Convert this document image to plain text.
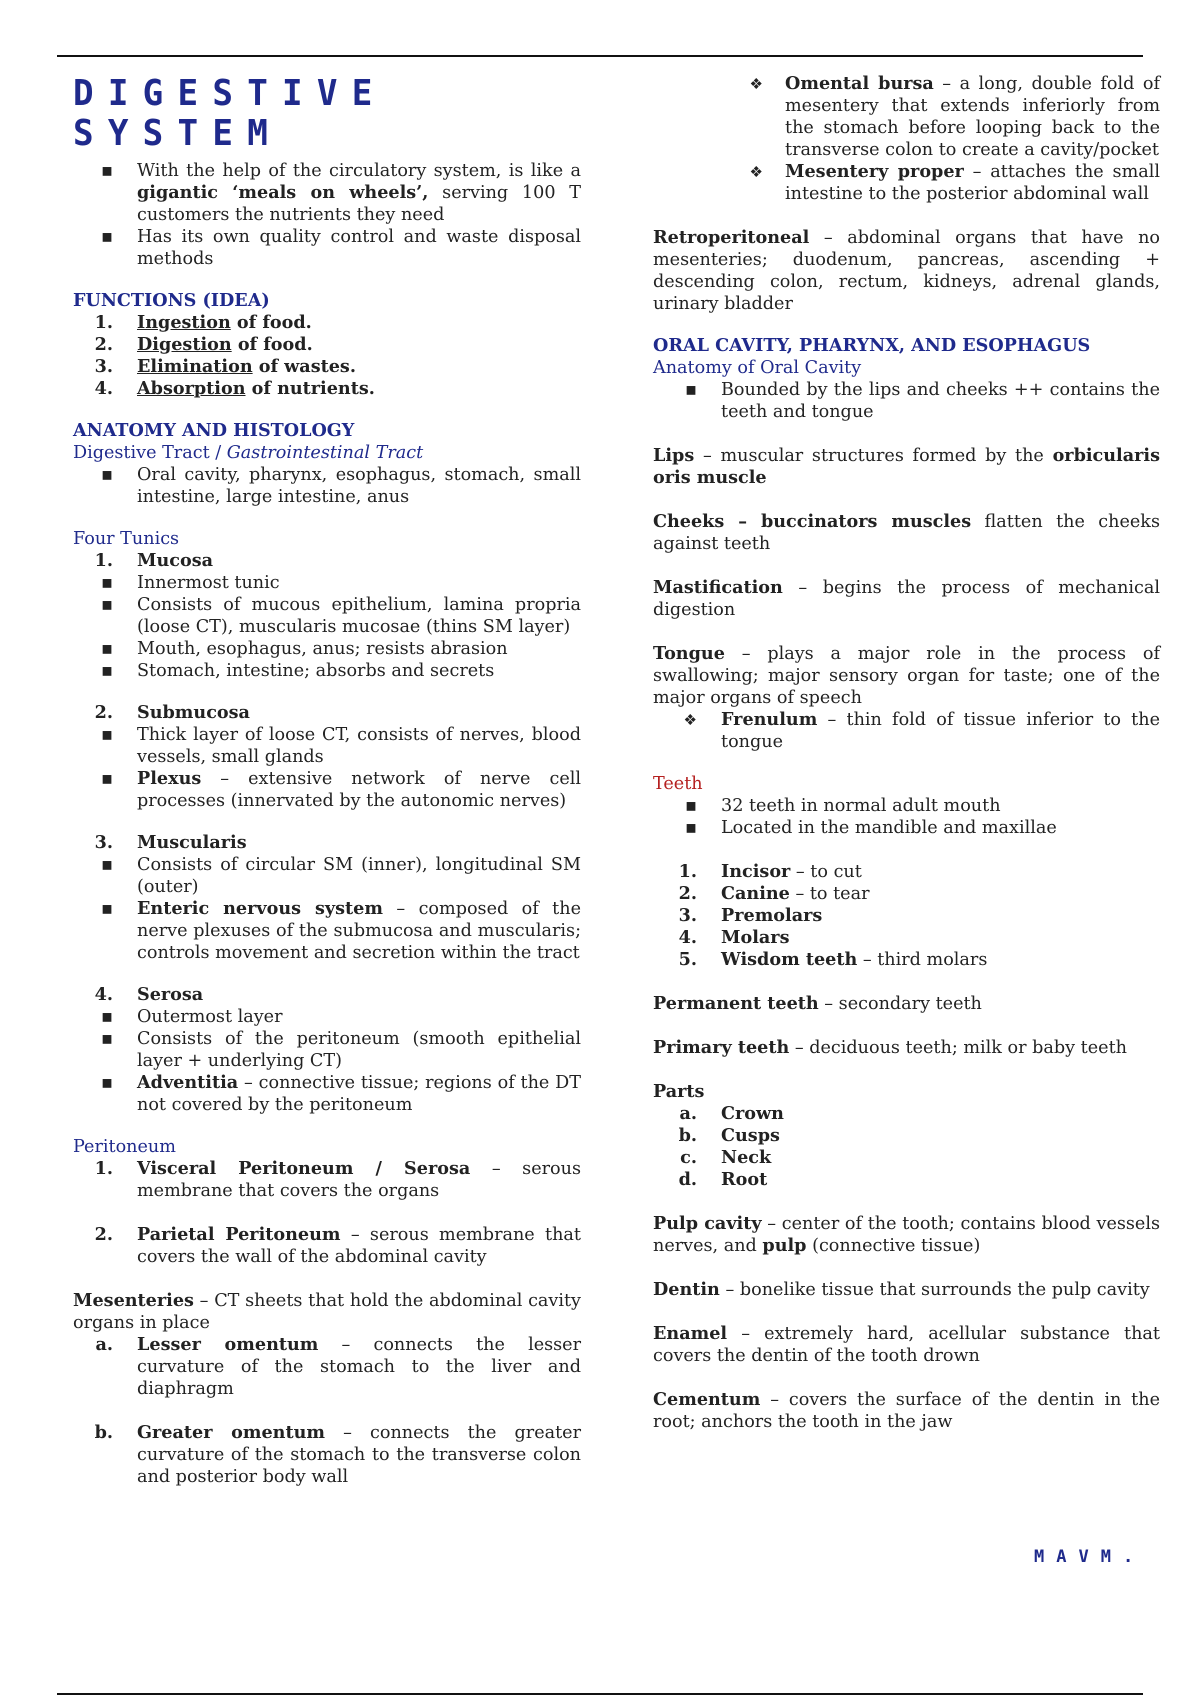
DIGESTIVE SYSTEM
▪	With the help of the circulatory system, is like a gigantic ‘meals on wheels’, serving 100 T customers the nutrients they need
▪	Has its own quality control and waste disposal methods
FUNCTIONS (IDEA)
1.	Ingestion of food.
2.	Digestion of food.
3.	Elimination of wastes.
4.	Absorption of nutrients.
ANATOMY AND HISTOLOGY
Digestive Tract / Gastrointestinal Tract
▪	Oral cavity, pharynx, esophagus, stomach, small intestine, large intestine, anus
Four Tunics
1.	Mucosa
▪	Innermost tunic
▪	Consists of mucous epithelium, lamina propria (loose CT), muscularis mucosae (thins SM layer)
▪	Mouth, esophagus, anus; resists abrasion
▪	Stomach, intestine; absorbs and secrets
2.	Submucosa
▪	Thick layer of loose CT, consists of nerves, blood vessels, small glands
▪	Plexus – extensive network of nerve cell processes (innervated by the autonomic nerves)
3.	Muscularis
▪	Consists of circular SM (inner), longitudinal SM (outer)
▪	Enteric nervous system – composed of the nerve plexuses of the submucosa and muscularis; controls movement and secretion within the tract
4.	Serosa
▪	Outermost layer
▪	Consists of the peritoneum (smooth epithelial layer + underlying CT)
▪	Adventitia – connective tissue; regions of the DT not covered by the peritoneum
Peritoneum
1.	Visceral Peritoneum / Serosa – serous membrane that covers the organs
2.	Parietal Peritoneum – serous membrane that covers the wall of the abdominal cavity

Mesenteries – CT sheets that hold the abdominal cavity organs in place

a.	Lesser omentum – connects the lesser curvature of the stomach to the liver and diaphragm
b.	Greater omentum – connects the greater curvature of the stomach to the transverse colon and posterior body wall
❖	Omental bursa – a long, double fold of mesentery that extends inferiorly from the stomach before looping back to the transverse colon to create a cavity/pocket
❖	Mesentery proper – attaches the small intestine to the posterior abdominal wall

Retroperitoneal – abdominal organs that have no mesenteries; duodenum, pancreas, ascending + descending colon, rectum, kidneys, adrenal glands, urinary bladder

ORAL CAVITY, PHARYNX, AND ESOPHAGUS
Anatomy of Oral Cavity
▪	Bounded by the lips and cheeks ++ contains the teeth and tongue

Lips – muscular structures formed by the orbicularis oris muscle

Cheeks – buccinators muscles flatten the cheeks against teeth

Mastification – begins the process of mechanical digestion

Tongue – plays a major role in the process of swallowing; major sensory organ for taste; one of the major organs of speech

❖	Frenulum – thin fold of tissue inferior to the tongue
Teeth
▪	32 teeth in normal adult mouth
▪	Located in the mandible and maxillae
1.	Incisor – to cut
2.	Canine – to tear
3.	Premolars
4.	Molars
5.	Wisdom teeth – third molars

Permanent teeth – secondary teeth

Primary teeth – deciduous teeth; milk or baby teeth

Parts
a.	Crown
b.	Cusps
c.	Neck
d.	Root

Pulp cavity – center of the tooth; contains blood vessels nerves, and pulp (connective tissue)

Dentin – bonelike tissue that surrounds the pulp cavity

Enamel – extremely hard, acellular substance that covers the dentin of the tooth drown

Cementum – covers the surface of the dentin in the root; anchors the tooth in the jaw

MAVM.
